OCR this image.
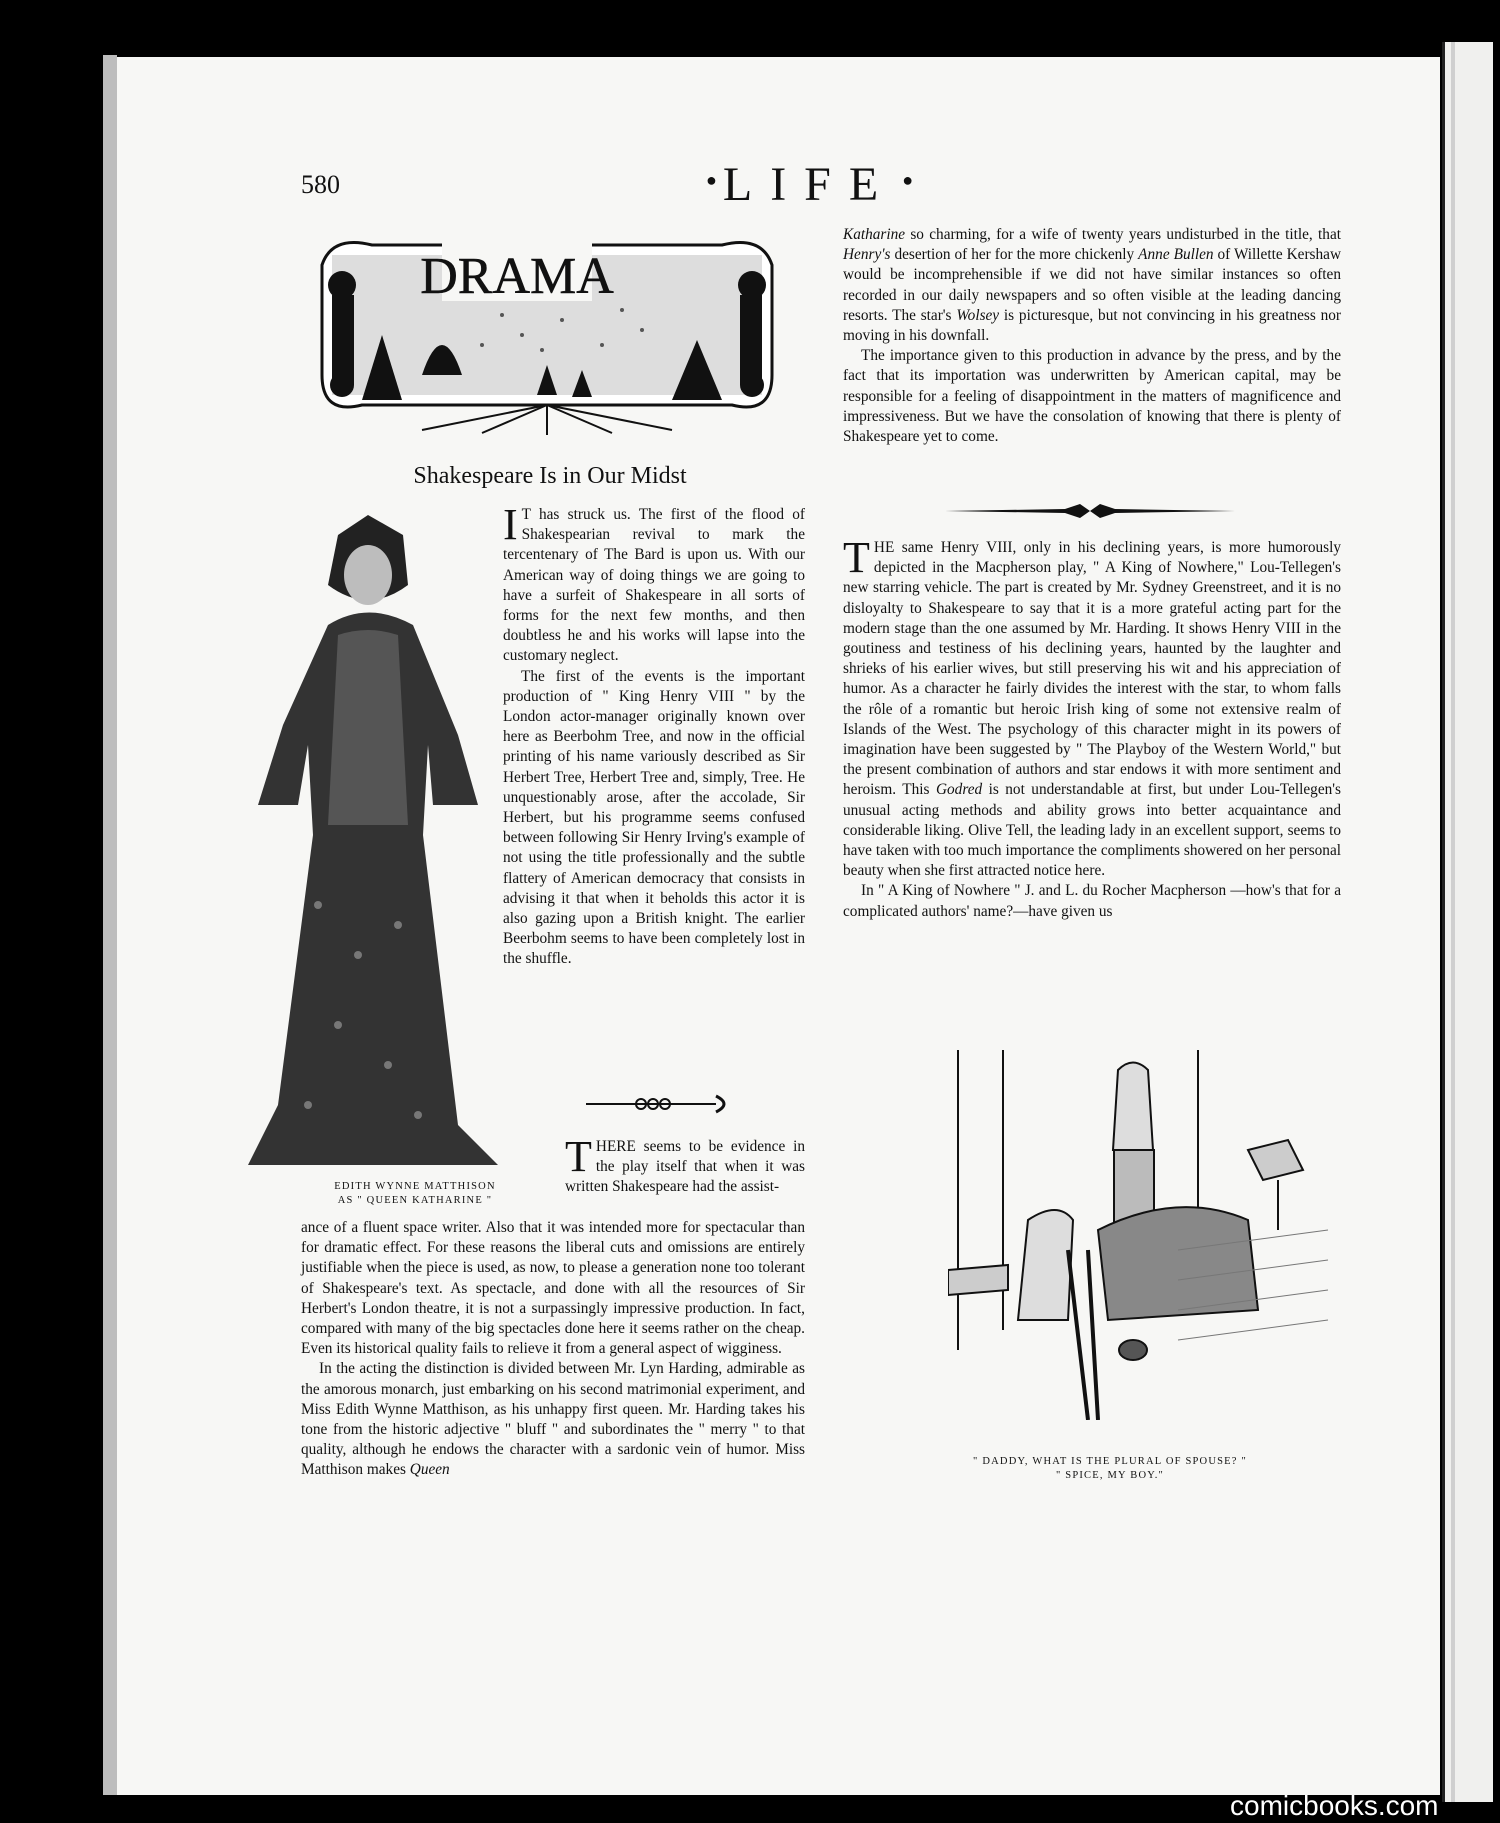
580	● LIFE ●
DRAMA
Shakespeare Is in Our Midst
EDITH WYNNE MATTHISON
AS " QUEEN KATHARINE "

I T has struck us. The first of the flood of Shakespearian revival to mark the tercentenary of The Bard is upon us. With our American way of doing things we are going to have a surfeit of Shakespeare in all sorts of forms for the next few months, and then doubtless he and his works will lapse into the customary neglect.

The first of the events is the important production of " King Henry VIII " by the London actor-manager originally known over here as Beerbohm Tree, and now in the official printing of his name variously described as Sir Herbert Tree, Herbert Tree and, simply, Tree. He unquestionably arose, after the accolade, Sir Herbert, but his programme seems confused between following Sir Henry Irving's example of not using the title professionally and the subtle flattery of American democracy that consists in advising it that when it beholds this actor it is also gazing upon a British knight. The earlier Beerbohm seems to have been completely lost in the shuffle.

THERE seems to be evidence in the play itself that when it was written Shakespeare had the assist-

ance of a fluent space writer. Also that it was intended more for spectacular than for dramatic effect. For these reasons the liberal cuts and omissions are entirely justifiable when the piece is used, as now, to please a generation none too tolerant of Shakespeare's text. As spectacle, and done with all the resources of Sir Herbert's London theatre, it is not a surpassingly impressive production. In fact, compared with many of the big spectacles done here it seems rather on the cheap. Even its historical quality fails to relieve it from a general aspect of wigginess.

In the acting the distinction is divided between Mr. Lyn Harding, admirable as the amorous monarch, just embarking on his second matrimonial experiment, and Miss Edith Wynne Matthison, as his unhappy first queen. Mr. Harding takes his tone from the historic adjective " bluff " and subordinates the " merry " to that quality, although he endows the character with a sardonic vein of humor. Miss Matthison makes Queen

Katharine so charming, for a wife of twenty years undisturbed in the title, that Henry's desertion of her for the more chickenly Anne Bullen of Willette Kershaw would be incomprehensible if we did not have similar instances so often recorded in our daily newspapers and so often visible at the leading dancing resorts. The star's Wolsey is picturesque, but not convincing in his greatness nor moving in his downfall.

The importance given to this production in advance by the press, and by the fact that its importation was underwritten by American capital, may be responsible for a feeling of disappointment in the matters of magnificence and impressiveness. But we have the consolation of knowing that there is plenty of Shakespeare yet to come.

THE same Henry VIII, only in his declining years, is more humorously depicted in the Macpherson play, " A King of Nowhere," Lou-Tellegen's new starring vehicle. The part is created by Mr. Sydney Greenstreet, and it is no disloyalty to Shakespeare to say that it is a more grateful acting part for the modern stage than the one assumed by Mr. Harding. It shows Henry VIII in the goutiness and testiness of his declining years, haunted by the laughter and shrieks of his earlier wives, but still preserving his wit and his appreciation of humor. As a character he fairly divides the interest with the star, to whom falls the rôle of a romantic but heroic Irish king of some not extensive realm of Islands of the West. The psychology of this character might in its powers of imagination have been suggested by " The Playboy of the Western World," but the present combination of authors and star endows it with more sentiment and heroism. This Godred is not understandable at first, but under Lou-Tellegen's unusual acting methods and ability grows into better acquaintance and considerable liking. Olive Tell, the leading lady in an excellent support, seems to have taken with too much importance the compliments showered on her personal beauty when she first attracted notice here.

In " A King of Nowhere " J. and L. du Rocher Macpherson —how's that for a complicated authors' name?—have given us

" DADDY, WHAT IS THE PLURAL OF SPOUSE? "
" SPICE, MY BOY."
comicbooks.com
